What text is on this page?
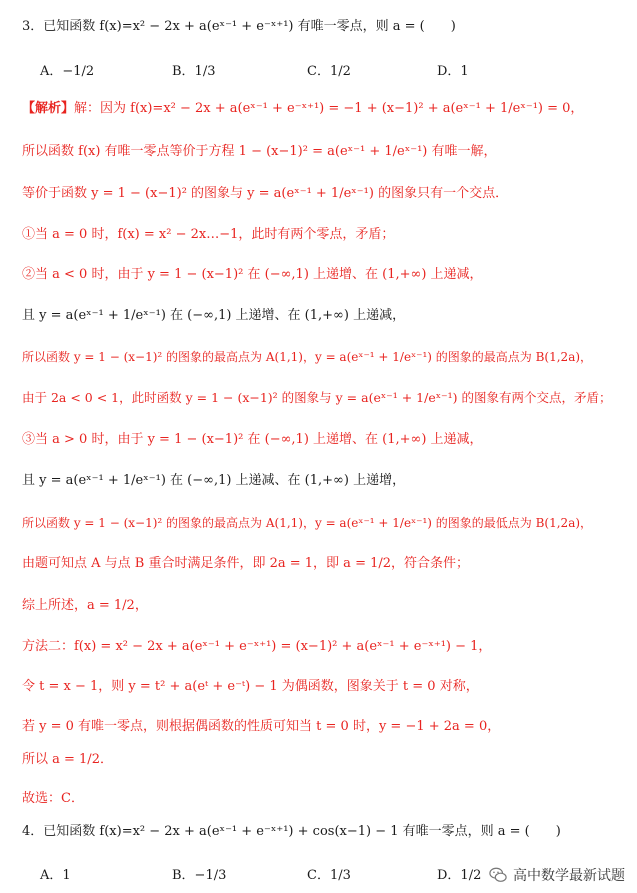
3．已知函数 f(x)=x² − 2x + a(eˣ⁻¹ + e⁻ˣ⁺¹) 有唯一零点，则 a = (　　)
A．−1/2	B．1/3	C．1/2	D．1
【解析】解：因为 f(x)=x² − 2x + a(eˣ⁻¹ + e⁻ˣ⁺¹) = −1 + (x−1)² + a(eˣ⁻¹ + 1/eˣ⁻¹) = 0，
所以函数 f(x) 有唯一零点等价于方程 1 − (x−1)² = a(eˣ⁻¹ + 1/eˣ⁻¹) 有唯一解，
等价于函数 y = 1 − (x−1)² 的图象与 y = a(eˣ⁻¹ + 1/eˣ⁻¹) 的图象只有一个交点．
①当 a = 0 时，f(x) = x² − 2x…−1，此时有两个零点，矛盾；
②当 a < 0 时，由于 y = 1 − (x−1)² 在 (−∞,1) 上递增、在 (1,+∞) 上递减，
且 y = a(eˣ⁻¹ + 1/eˣ⁻¹) 在 (−∞,1) 上递增、在 (1,+∞) 上递减，
所以函数 y = 1 − (x−1)² 的图象的最高点为 A(1,1)，y = a(eˣ⁻¹ + 1/eˣ⁻¹) 的图象的最高点为 B(1,2a)，
由于 2a < 0 < 1，此时函数 y = 1 − (x−1)² 的图象与 y = a(eˣ⁻¹ + 1/eˣ⁻¹) 的图象有两个交点，矛盾；
③当 a > 0 时，由于 y = 1 − (x−1)² 在 (−∞,1) 上递增、在 (1,+∞) 上递减，
且 y = a(eˣ⁻¹ + 1/eˣ⁻¹) 在 (−∞,1) 上递减、在 (1,+∞) 上递增，
所以函数 y = 1 − (x−1)² 的图象的最高点为 A(1,1)，y = a(eˣ⁻¹ + 1/eˣ⁻¹) 的图象的最低点为 B(1,2a)，
由题可知点 A 与点 B 重合时满足条件，即 2a = 1，即 a = 1/2，符合条件；
综上所述，a = 1/2，
方法二：f(x) = x² − 2x + a(eˣ⁻¹ + e⁻ˣ⁺¹) = (x−1)² + a(eˣ⁻¹ + e⁻ˣ⁺¹) − 1，
令 t = x − 1，则 y = t² + a(eᵗ + e⁻ᵗ) − 1 为偶函数，图象关于 t = 0 对称，
若 y = 0 有唯一零点，则根据偶函数的性质可知当 t = 0 时，y = −1 + 2a = 0，
所以 a = 1/2．
故选：C．
4．已知函数 f(x)=x² − 2x + a(eˣ⁻¹ + e⁻ˣ⁺¹) + cos(x−1) − 1 有唯一零点，则 a = (　　)
A．1	B．−1/3	C．1/3	D．1/2 高中数学最新试题
